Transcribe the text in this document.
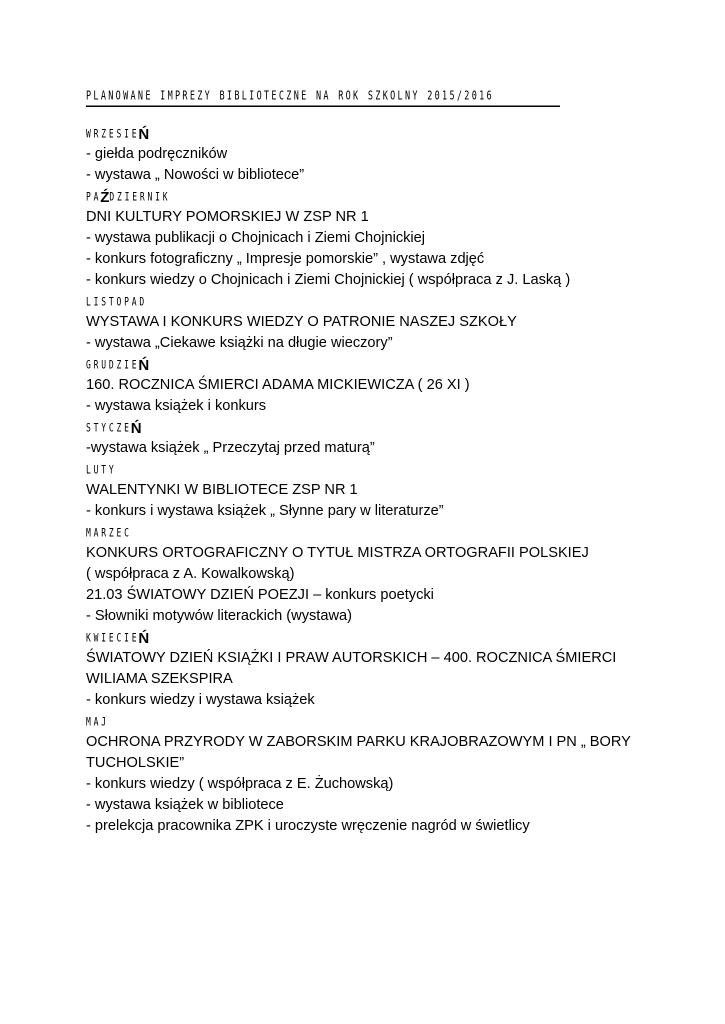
PLANOWANE IMPREZY BIBLIOTECZNE NA ROK SZKOLNY 2015/2016
WRZESIE Ń
- giełda podręczników
- wystawa „ Nowości w bibliotece”
PA Ź DZIERNIK
DNI KULTURY POMORSKIEJ W ZSP NR 1
- wystawa publikacji o Chojnicach i Ziemi Chojnickiej
- konkurs fotograficzny „ Impresje pomorskie” , wystawa zdjęć
- konkurs wiedzy o Chojnicach i Ziemi Chojnickiej ( współpraca z J. Laską )
LISTOPAD
WYSTAWA I KONKURS WIEDZY O PATRONIE NASZEJ SZKOŁY
- wystawa „Ciekawe książki na długie wieczory”
GRUDZIE Ń
160. ROCZNICA ŚMIERCI ADAMA MICKIEWICZA ( 26 XI )
- wystawa książek i konkurs
STYCZE Ń
-wystawa książek „ Przeczytaj przed maturą”
LUTY
WALENTYNKI W BIBLIOTECE ZSP NR 1
- konkurs i wystawa książek „ Słynne pary w literaturze”
MARZEC
KONKURS ORTOGRAFICZNY O TYTUŁ MISTRZA ORTOGRAFII POLSKIEJ
( współpraca z A. Kowalkowską)
21.03 ŚWIATOWY DZIEŃ POEZJI – konkurs poetycki
- Słowniki motywów literackich (wystawa)
KWIECIE Ń
ŚWIATOWY DZIEŃ KSIĄŻKI I PRAW AUTORSKICH – 400. ROCZNICA ŚMIERCI
WILIAMA SZEKSPIRA
- konkurs wiedzy i wystawa książek
MAJ
OCHRONA PRZYRODY W ZABORSKIM PARKU KRAJOBRAZOWYM I PN „ BORY
TUCHOLSKIE”
- konkurs wiedzy ( współpraca z E. Żuchowską)
- wystawa książek w bibliotece
- prelekcja pracownika ZPK i uroczyste wręczenie nagród w świetlicy
